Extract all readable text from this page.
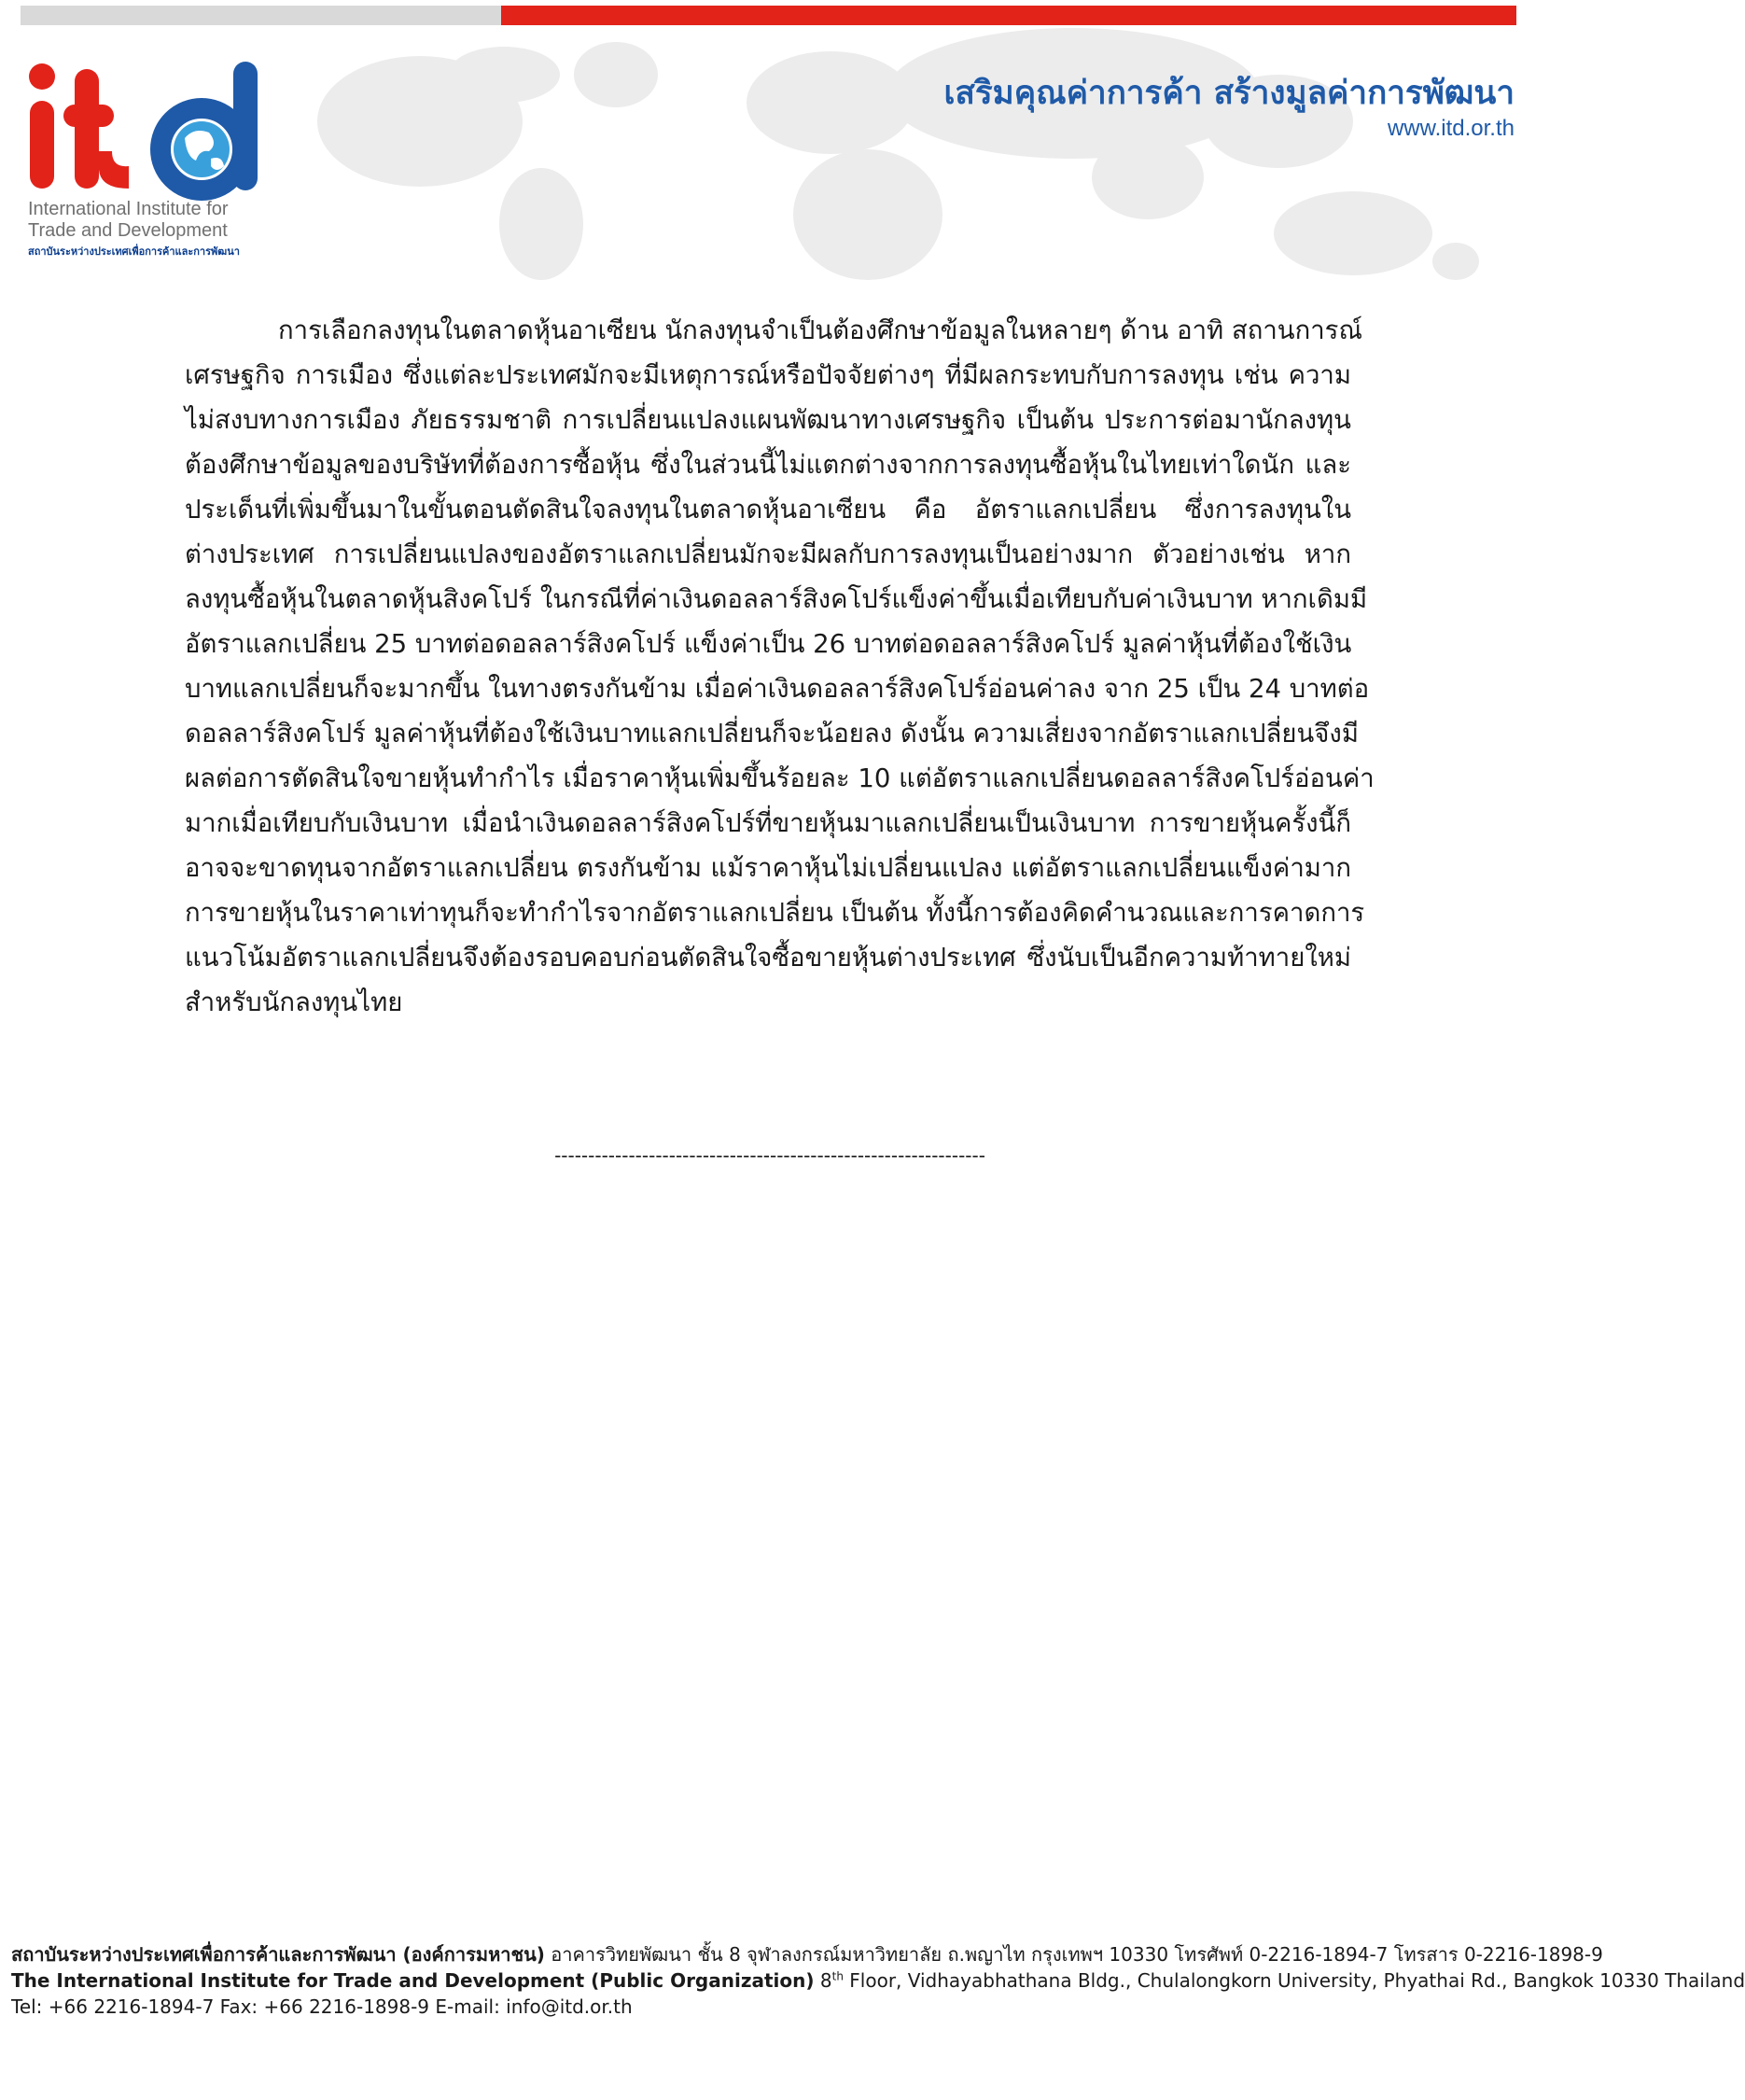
International Institute for
Trade and Development
สถาบันระหว่างประเทศเพื่อการค้าและการพัฒนา
เสริมคุณค่าการค้า สร้างมูลค่าการพัฒนา
www.itd.or.th
การเลือกลงทุนในตลาดหุ้นอาเซียน นักลงทุนจำเป็นต้องศึกษาข้อมูลในหลายๆ ด้าน อาทิ สถานการณ์
เศรษฐกิจ การเมือง ซึ่งแต่ละประเทศมักจะมีเหตุการณ์หรือปัจจัยต่างๆ ที่มีผลกระทบกับการลงทุน เช่น ความ
ไม่สงบทางการเมือง ภัยธรรมชาติ การเปลี่ยนแปลงแผนพัฒนาทางเศรษฐกิจ เป็นต้น ประการต่อมานักลงทุน
ต้องศึกษาข้อมูลของบริษัทที่ต้องการซื้อหุ้น ซึ่งในส่วนนี้ไม่แตกต่างจากการลงทุนซื้อหุ้นในไทยเท่าใดนัก และ
ประเด็นที่เพิ่มขึ้นมาในขั้นตอนตัดสินใจลงทุนในตลาดหุ้นอาเซียน คือ อัตราแลกเปลี่ยน ซึ่งการลงทุนใน
ต่างประเทศ การเปลี่ยนแปลงของอัตราแลกเปลี่ยนมักจะมีผลกับการลงทุนเป็นอย่างมาก ตัวอย่างเช่น หาก
ลงทุนซื้อหุ้นในตลาดหุ้นสิงคโปร์ ในกรณีที่ค่าเงินดอลลาร์สิงคโปร์แข็งค่าขึ้นเมื่อเทียบกับค่าเงินบาท หากเดิมมี
อัตราแลกเปลี่ยน 25 บาทต่อดอลลาร์สิงคโปร์ แข็งค่าเป็น 26 บาทต่อดอลลาร์สิงคโปร์ มูลค่าหุ้นที่ต้องใช้เงิน
บาทแลกเปลี่ยนก็จะมากขึ้น ในทางตรงกันข้าม เมื่อค่าเงินดอลลาร์สิงคโปร์อ่อนค่าลง จาก 25 เป็น 24 บาทต่อ
ดอลลาร์สิงคโปร์ มูลค่าหุ้นที่ต้องใช้เงินบาทแลกเปลี่ยนก็จะน้อยลง ดังนั้น ความเสี่ยงจากอัตราแลกเปลี่ยนจึงมี
ผลต่อการตัดสินใจขายหุ้นทำกำไร เมื่อราคาหุ้นเพิ่มขึ้นร้อยละ 10 แต่อัตราแลกเปลี่ยนดอลลาร์สิงคโปร์อ่อนค่า
มากเมื่อเทียบกับเงินบาท เมื่อนำเงินดอลลาร์สิงคโปร์ที่ขายหุ้นมาแลกเปลี่ยนเป็นเงินบาท การขายหุ้นครั้งนี้ก็
อาจจะขาดทุนจากอัตราแลกเปลี่ยน ตรงกันข้าม แม้ราคาหุ้นไม่เปลี่ยนแปลง แต่อัตราแลกเปลี่ยนแข็งค่ามาก
การขายหุ้นในราคาเท่าทุนก็จะทำกำไรจากอัตราแลกเปลี่ยน เป็นต้น ทั้งนี้การต้องคิดคำนวณและการคาดการ
แนวโน้มอัตราแลกเปลี่ยนจึงต้องรอบคอบก่อนตัดสินใจซื้อขายหุ้นต่างประเทศ ซึ่งนับเป็นอีกความท้าทายใหม่
สำหรับนักลงทุนไทย
----------------------------------------------------------------
สถาบันระหว่างประเทศเพื่อการค้าและการพัฒนา (องค์การมหาชน) อาคารวิทยพัฒนา ชั้น 8 จุฬาลงกรณ์มหาวิทยาลัย ถ.พญาไท กรุงเทพฯ 10330 โทรศัพท์ 0-2216-1894-7 โทรสาร 0-2216-1898-9
The International Institute for Trade and Development (Public Organization) 8th Floor, Vidhayabhathana Bldg., Chulalongkorn University, Phyathai Rd., Bangkok 10330 Thailand
Tel: +66 2216-1894-7 Fax: +66 2216-1898-9 E-mail: info@itd.or.th
